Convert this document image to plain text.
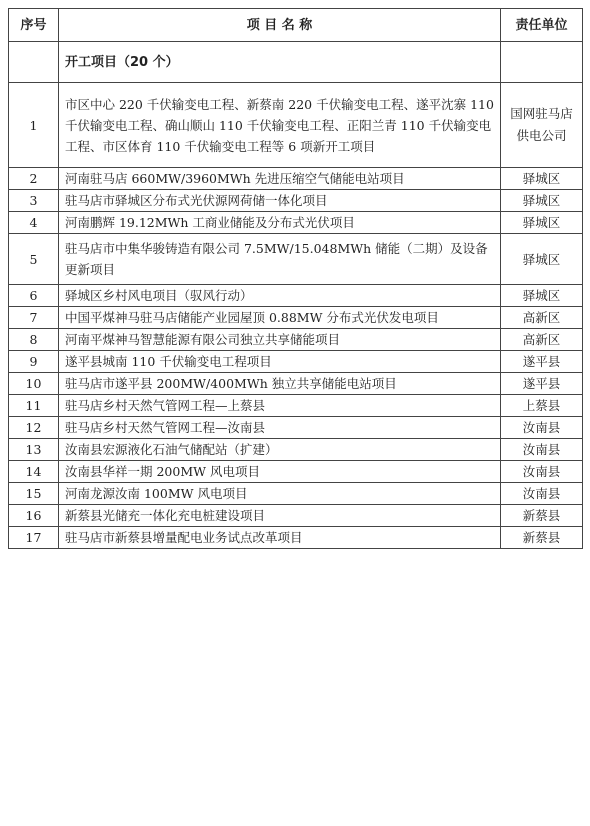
序号	项 目 名 称	责任单位
	开工项目（20 个）	
1	市区中心 220 千伏输变电工程、新蔡南 220 千伏输变电工程、遂平沈寨 110 千伏输变电工程、确山顺山 110 千伏输变电工程、正阳兰青 110 千伏输变电工程、市区体育 110 千伏输变电工程等 6 项新开工项目	国网驻马店供电公司
2	河南驻马店 660MW/3960MWh 先进压缩空气储能电站项目	驿城区
3	驻马店市驿城区分布式光伏源网荷储一体化项目	驿城区
4	河南鹏辉 19.12MWh 工商业储能及分布式光伏项目	驿城区
5	驻马店市中集华骏铸造有限公司 7.5MW/15.048MWh 储能（二期）及设备更新项目	驿城区
6	驿城区乡村风电项目（驭风行动）	驿城区
7	中国平煤神马驻马店储能产业园屋顶 0.88MW 分布式光伏发电项目	高新区
8	河南平煤神马智慧能源有限公司独立共享储能项目	高新区
9	遂平县城南 110 千伏输变电工程项目	遂平县
10	驻马店市遂平县 200MW/400MWh 独立共享储能电站项目	遂平县
11	驻马店乡村天然气管网工程—上蔡县	上蔡县
12	驻马店乡村天然气管网工程—汝南县	汝南县
13	汝南县宏源液化石油气储配站（扩建）	汝南县
14	汝南县华祥一期 200MW 风电项目	汝南县
15	河南龙源汝南 100MW 风电项目	汝南县
16	新蔡县光储充一体化充电桩建设项目	新蔡县
17	驻马店市新蔡县增量配电业务试点改革项目	新蔡县
